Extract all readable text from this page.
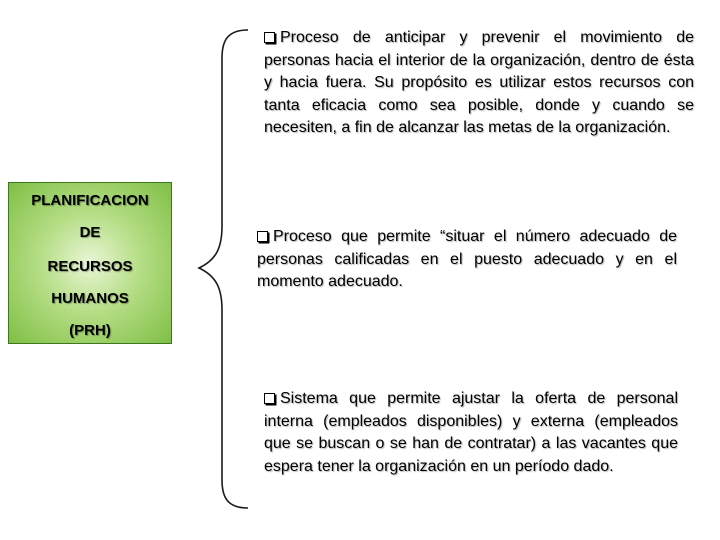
PLANIFICACION
DE
RECURSOS
HUMANOS
(PRH)
Proceso de anticipar y prevenir el movimiento de personas hacia el interior de la organización, dentro de ésta y hacia fuera. Su propósito es utilizar estos recursos con tanta eficacia como sea posible, donde y cuando se necesiten, a fin de alcanzar las metas de la organización.
Proceso que permite “situar el número adecuado de personas calificadas en el puesto adecuado y en el momento adecuado.
Sistema que permite ajustar la oferta de personal interna (empleados disponibles) y externa (empleados que se buscan o se han de contratar) a las vacantes que espera tener la organización en un período dado.
